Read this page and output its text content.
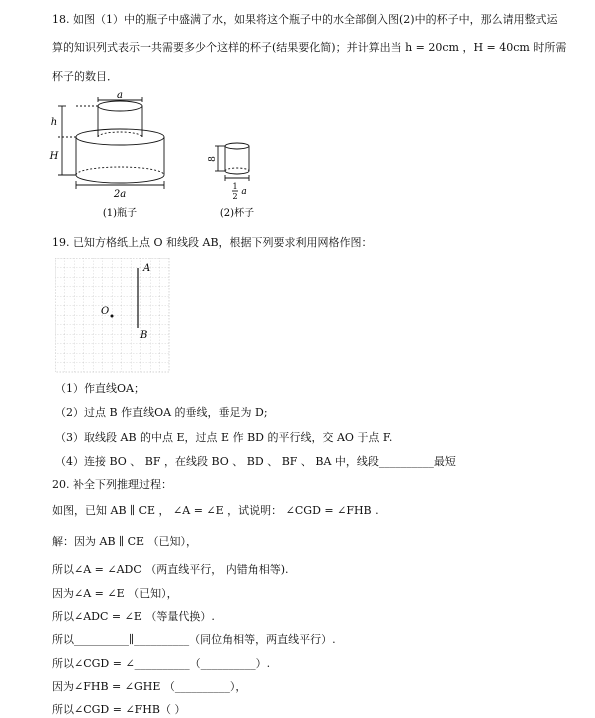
18. 如图（1）中的瓶子中盛满了水，如果将这个瓶子中的水全部倒入图(2)中的杯子中，那么请用整式运
算的知识列式表示一共需要多少个这样的杯子(结果要化简)；并计算出当 h = 20cm ，H = 40cm 时所需
杯子的数目．
a
h
H
2a
(1)瓶子
8
1
2 a
(2)杯子
19. 已知方格纸上点 O 和线段 AB，根据下列要求利用网格作图：
A
B
O
（1）作直线OA；
（2）过点 B 作直线OA 的垂线，垂足为 D;
（3）取线段 AB 的中点 E，过点 E 作 BD 的平行线，交 AO 于点 F.
（4）连接 BO 、 BF ，在线段 BO 、 BD 、 BF 、 BA 中，线段__________最短
20. 补全下列推理过程：
如图，已知 AB ∥ CE ， ∠A = ∠E ，试说明： ∠CGD = ∠FHB .
解：因为 AB ∥ CE （已知），
所以∠A = ∠ADC （两直线平行， 内错角相等).
因为∠A = ∠E （已知），
所以∠ADC = ∠E （等量代换）.
所以__________∥__________（同位角相等，两直线平行）.
所以∠CGD = ∠__________（__________）.
因为∠FHB = ∠GHE （__________），
所以∠CGD = ∠FHB（ ）
